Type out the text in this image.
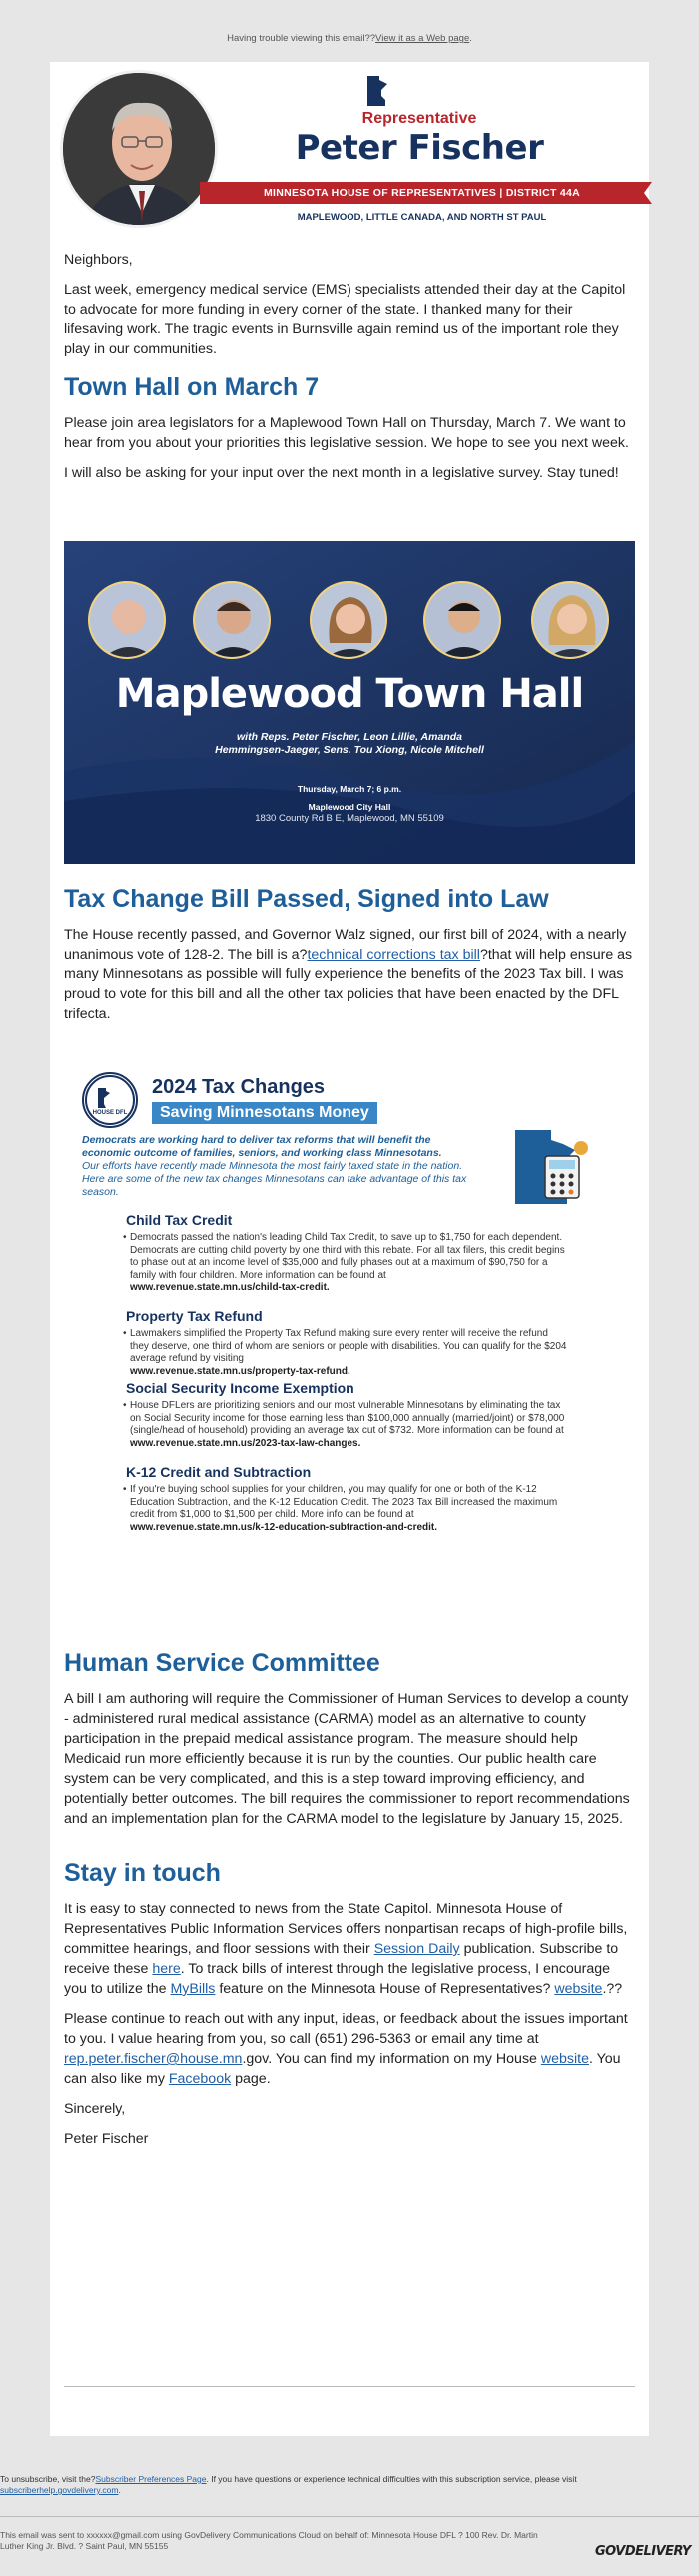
Having trouble viewing this email??View it as a Web page.
Representative
Peter Fischer
MINNESOTA HOUSE OF REPRESENTATIVES | DISTRICT 44A
MAPLEWOOD, LITTLE CANADA, AND NORTH ST PAUL

Neighbors,

Last week, emergency medical service (EMS) specialists attended their day at the Capitol to advocate for more funding in every corner of the state. I thanked many for their lifesaving work. The tragic events in Burnsville again remind us of the important role they play in our communities.

Town Hall on March 7

Please join area legislators for a Maplewood Town Hall on Thursday, March 7. We want to hear from you about your priorities this legislative session. We hope to see you next week.

I will also be asking for your input over the next month in a legislative survey. Stay tuned!

Maplewood Town Hall
with Reps. Peter Fischer, Leon Lillie, Amanda Hemmingsen-Jaeger, Sens. Tou Xiong, Nicole Mitchell
Thursday, March 7; 6 p.m.
Maplewood City Hall
1830 County Rd B E, Maplewood, MN 55109
Tax Change Bill Passed, Signed into Law

The House recently passed, and Governor Walz signed, our first bill of 2024, with a nearly unanimous vote of 128-2. The bill is a?technical corrections tax bill?that will help ensure as many Minnesotans as possible will fully experience the benefits of the 2023 Tax bill. I was proud to vote for this bill and all the other tax policies that have been enacted by the DFL trifecta.

HOUSE DFL
2024 Tax Changes
Saving Minnesotans Money
Democrats are working hard to deliver tax reforms that will benefit the economic outcome of families, seniors, and working class Minnesotans.
Our efforts have recently made Minnesota the most fairly taxed state in the nation. Here are some of the new tax changes Minnesotans can take advantage of this tax season.
Child Tax Credit
• Democrats passed the nation's leading Child Tax Credit, to save up to $1,750 for each dependent. Democrats are cutting child poverty by one third with this rebate. For all tax filers, this credit begins to phase out at an income level of $35,000 and fully phases out at a maximum of $90,750 for a family with four children. More information can be found at
www.revenue.state.mn.us/child-tax-credit.
Property Tax Refund
• Lawmakers simplified the Property Tax Refund making sure every renter will receive the refund they deserve, one third of whom are seniors or people with disabilities. You can qualify for the $204 average refund by visiting
www.revenue.state.mn.us/property-tax-refund.
Social Security Income Exemption
• House DFLers are prioritizing seniors and our most vulnerable Minnesotans by eliminating the tax on Social Security income for those earning less than $100,000 annually (married/joint) or $78,000 (single/head of household) providing an average tax cut of $732. More information can be found at
www.revenue.state.mn.us/2023-tax-law-changes.
K-12 Credit and Subtraction
• If you're buying school supplies for your children, you may qualify for one or both of the K-12 Education Subtraction, and the K-12 Education Credit. The 2023 Tax Bill increased the maximum credit from $1,000 to $1,500 per child. More info can be found at
www.revenue.state.mn.us/k-12-education-subtraction-and-credit.
Human Service Committee

A bill I am authoring will require the Commissioner of Human Services to develop a county - administered rural medical assistance (CARMA) model as an alternative to county participation in the prepaid medical assistance program. The measure should help Medicaid run more efficiently because it is run by the counties. Our public health care system can be very complicated, and this is a step toward improving efficiency, and potentially better outcomes. The bill requires the commissioner to report recommendations and an implementation plan for the CARMA model to the legislature by January 15, 2025.

Stay in touch

It is easy to stay connected to news from the State Capitol. Minnesota House of Representatives Public Information Services offers nonpartisan recaps of high-profile bills, committee hearings, and floor sessions with their Session Daily publication. Subscribe to receive these here. To track bills of interest through the legislative process, I encourage you to utilize the MyBills feature on the Minnesota House of Representatives? website.??

Please continue to reach out with any input, ideas, or feedback about the issues important to you. I value hearing from you, so call (651) 296-5363 or email any time at rep.peter.fischer@house.mn.gov. You can find my information on my House website. You can also like my Facebook page.

Sincerely,

Peter Fischer

To unsubscribe, visit the?Subscriber Preferences Page. If you have questions or experience technical difficulties with this subscription service, please visit subscriberhelp.govdelivery.com.
This email was sent to xxxxxx@gmail.com using GovDelivery Communications Cloud on behalf of: Minnesota House DFL ? 100 Rev. Dr. Martin Luther King Jr. Blvd. ? Saint Paul, MN 55155	GOVDELIVERY
